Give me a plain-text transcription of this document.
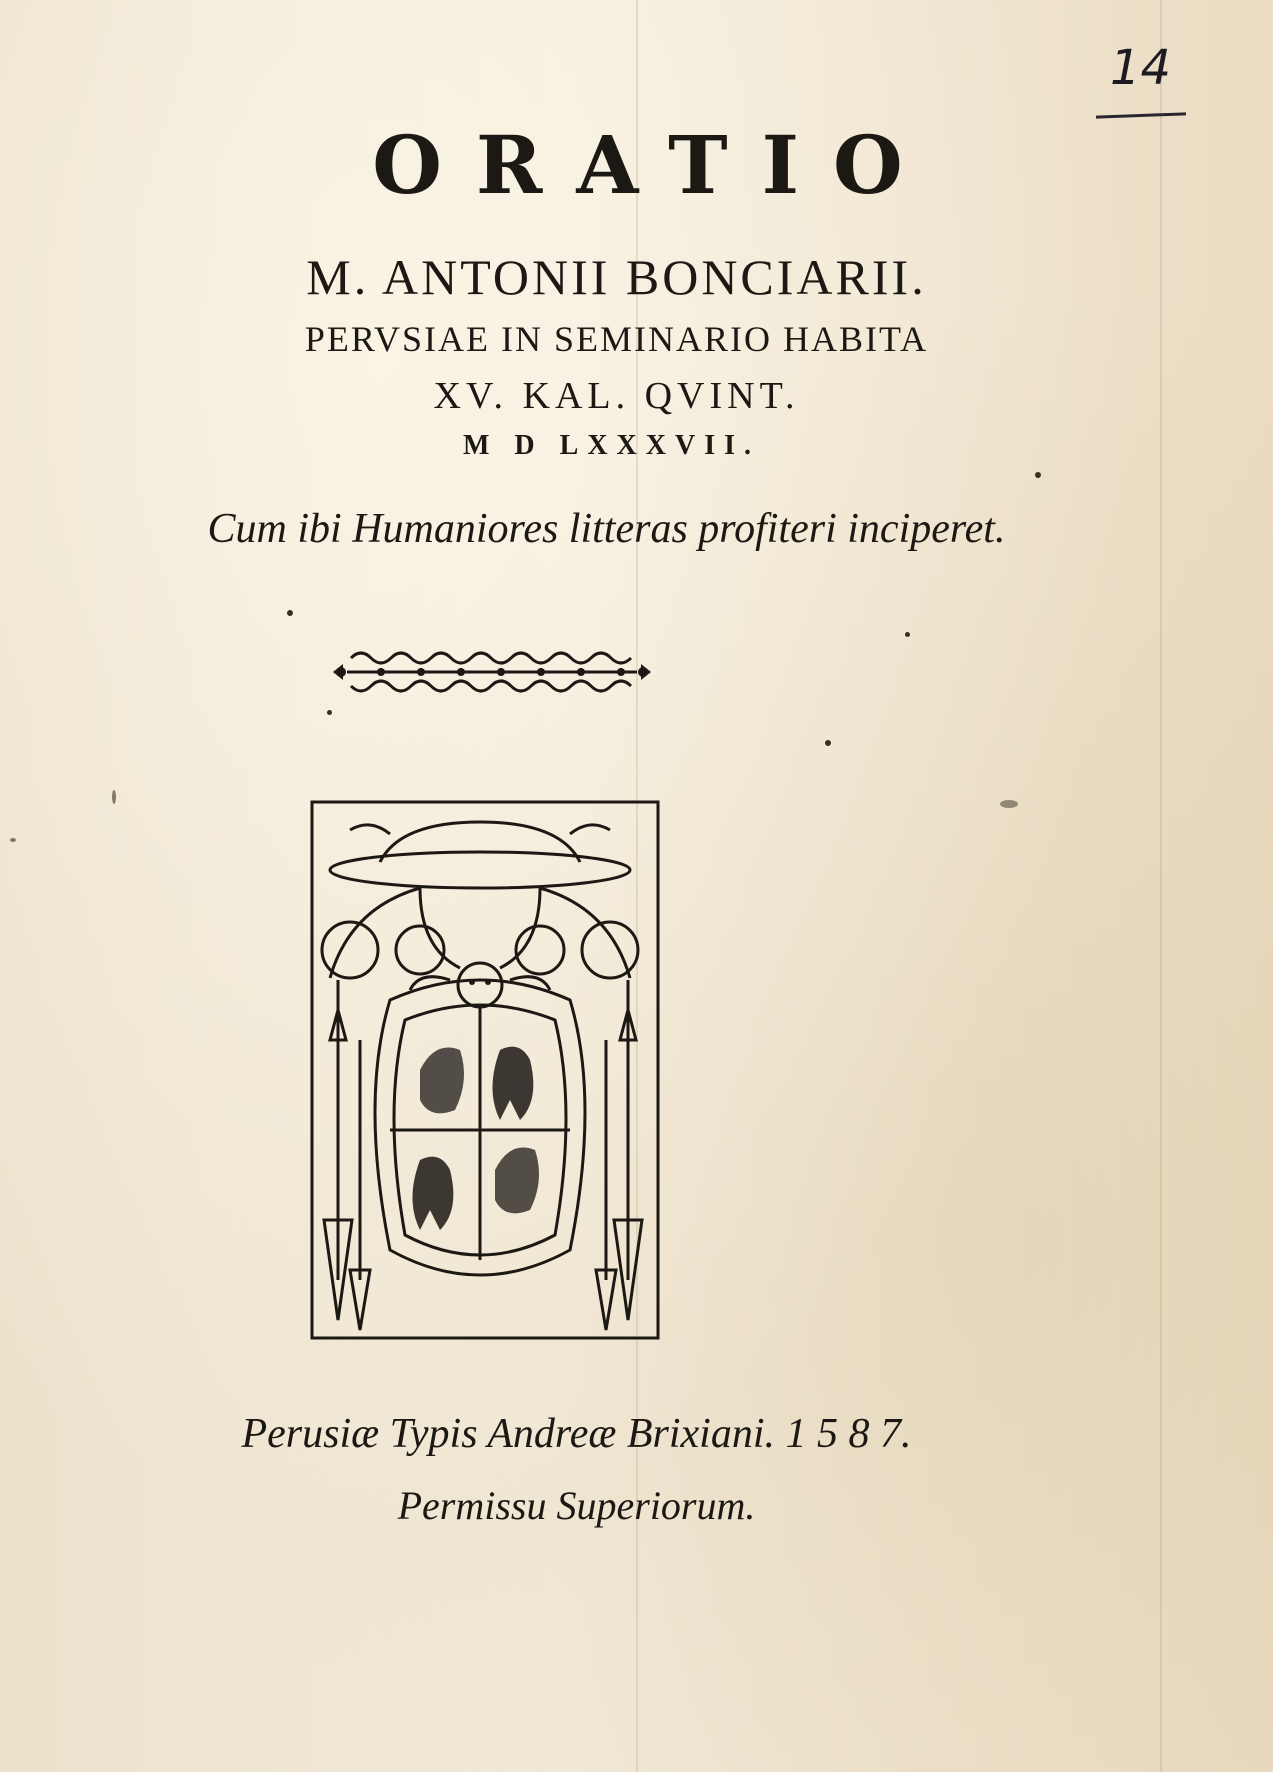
14
ORATIO
M. ANTONII BONCIARII.
PERVSIAE IN SEMINARIO HABITA
XV. KAL. QVINT.
M D LXXXVII.
Cum ibi Humaniores litteras profiteri inciperet.
Perusiæ Typis Andreæ Brixiani. 1 5 8 7.
Permissu Superiorum.
